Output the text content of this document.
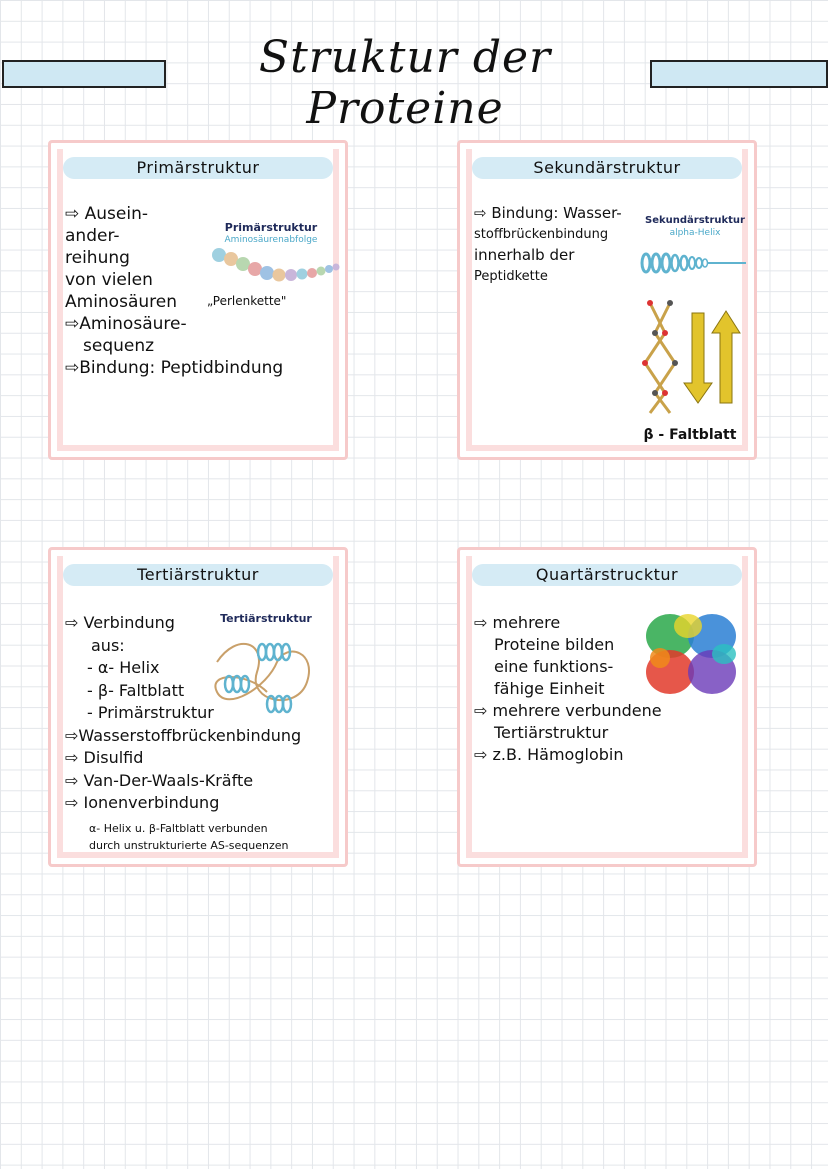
Struktur der Proteine
Primärstruktur
⇨ Ausein-
ander-
reihung
von vielen
Aminosäuren
⇨Aminosäure-
sequenz
⇨Bindung: Peptidbindung
Primärstruktur
Aminosäurenabfolge
„Perlenkette"
Sekundärstruktur
⇨ Bindung: Wasser-
stoffbrückenbindung
innerhalb der
Peptidkette
Sekundärstruktur
alpha-Helix
β - Faltblatt
Tertiärstruktur
⇨ Verbindung
aus:
- α- Helix
- β- Faltblatt
- Primärstruktur
⇨Wasserstoffbrückenbindung
⇨ Disulfid
⇨ Van-Der-Waals-Kräfte
⇨ Ionenverbindung
α- Helix u. β-Faltblatt verbunden
durch unstrukturierte AS-sequenzen
Tertiärstruktur
Quartärstrucktur
⇨ mehrere
Proteine bilden
eine funktions-
fähige Einheit
⇨ mehrere verbundene
Tertiärstruktur
⇨ z.B. Hämoglobin
